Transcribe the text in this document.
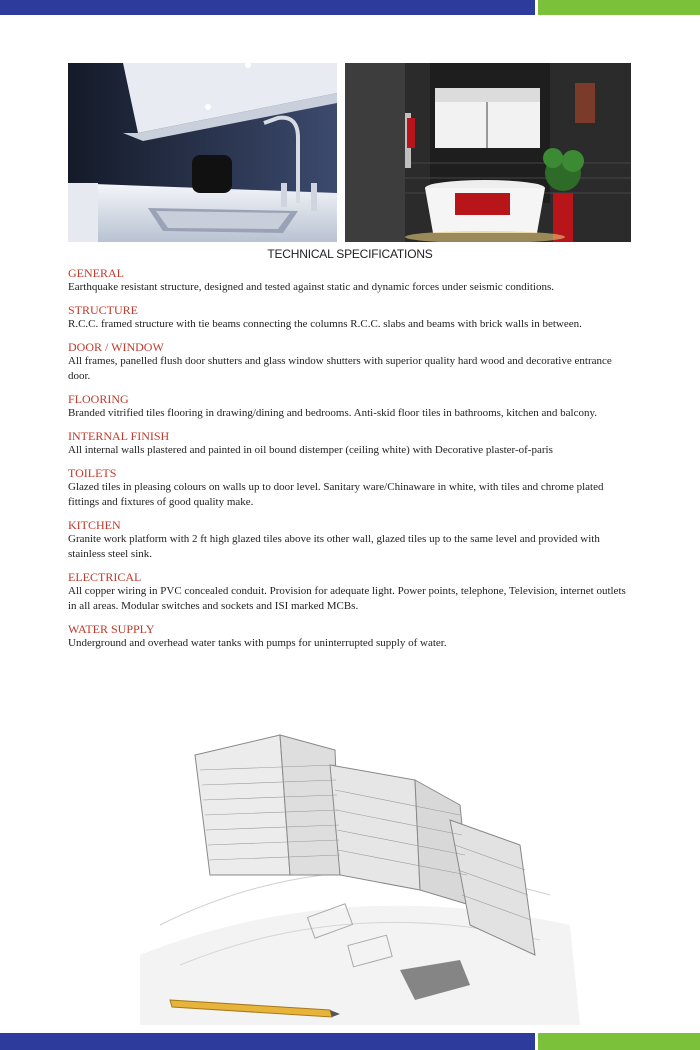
TECHNICAL SPECIFICATIONS
GENERAL
Earthquake resistant structure, designed and tested against static and dynamic forces under seismic conditions.
STRUCTURE
R.C.C. framed structure with tie beams connecting the columns R.C.C. slabs and beams with brick walls in between.
DOOR / WINDOW
All frames, panelled flush door shutters and glass window shutters with superior quality hard wood and decorative entrance door.
FLOORING
Branded vitrified tiles flooring in drawing/dining and bedrooms. Anti-skid floor tiles in bathrooms, kitchen and balcony.
INTERNAL FINISH
All internal walls plastered and painted in oil bound distemper (ceiling white) with Decorative plaster-of-paris
TOILETS
Glazed tiles in pleasing colours on walls up to door level. Sanitary ware/Chinaware in white, with tiles and chrome plated fittings and fixtures of good quality make.
KITCHEN
Granite work platform with 2 ft high glazed tiles above its other wall, glazed tiles up to the same level and provided with stainless steel sink.
ELECTRICAL
All copper wiring in PVC concealed conduit. Provision for adequate light. Power points, telephone, Television, internet outlets in all areas. Modular switches and sockets and ISI marked MCBs.
WATER SUPPLY
Underground and overhead water tanks with pumps for uninterrupted supply of water.
